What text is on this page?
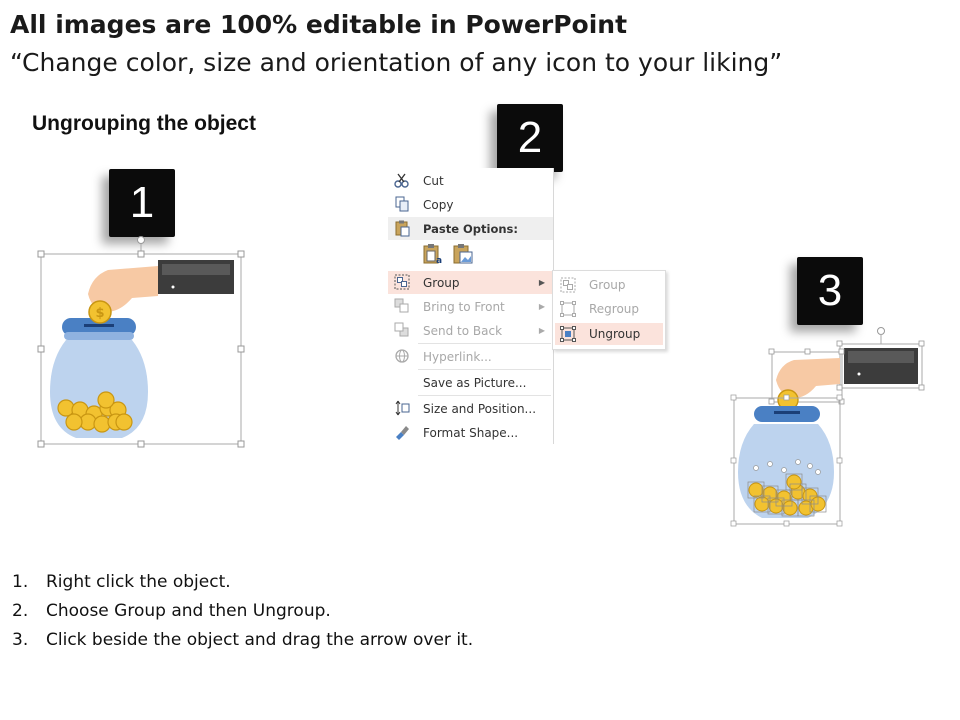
All images are 100% editable in PowerPoint
“Change color, size and orientation of any icon to your liking”
Ungrouping the object
1
$
2
Cut
Copy
Paste Options:
a
Group	▶
Bring to Front	▶
Send to Back	▶
Hyperlink...
Save as Picture...
Size and Position...
Format Shape...
Group
Regroup
Ungroup
3
1. Right click the object.
2. Choose Group and then Ungroup.
3. Click beside the object and drag the arrow over it.
